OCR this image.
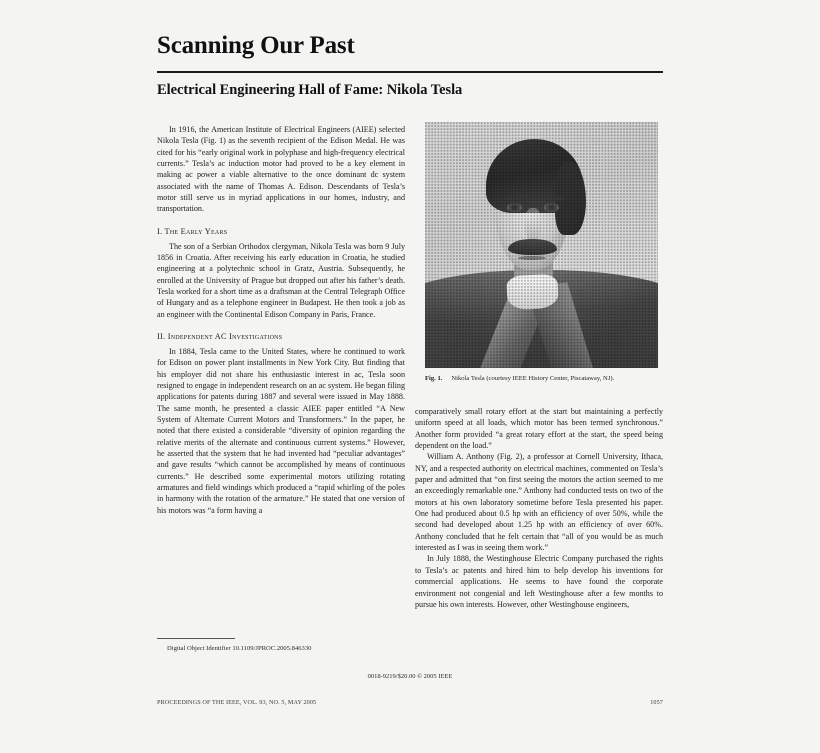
Scanning Our Past
Electrical Engineering Hall of Fame: Nikola Tesla

In 1916, the American Institute of Electrical Engineers (AIEE) selected Nikola Tesla (Fig. 1) as the seventh recipient of the Edison Medal. He was cited for his “early original work in polyphase and high-frequency electrical currents.” Tesla’s ac induction motor had proved to be a key element in making ac power a viable alternative to the once dominant dc system associated with the name of Thomas A. Edison. Descendants of Tesla’s motor still serve us in myriad applications in our homes, industry, and transportation.

I. The Early Years

The son of a Serbian Orthodox clergyman, Nikola Tesla was born 9 July 1856 in Croatia. After receiving his early education in Croatia, he studied engineering at a polytechnic school in Gratz, Austria. Subsequently, he enrolled at the University of Prague but dropped out after his father’s death. Tesla worked for a short time as a draftsman at the Central Telegraph Office of Hungary and as a telephone engineer in Budapest. He then took a job as an engineer with the Continental Edison Company in Paris, France.

II. Independent AC Investigations

In 1884, Tesla came to the United States, where he continued to work for Edison on power plant installments in New York City. But finding that his employer did not share his enthusiastic interest in ac, Tesla soon resigned to engage in independent research on an ac system. He began filing applications for patents during 1887 and several were issued in May 1888. The same month, he presented a classic AIEE paper entitled “A New System of Alternate Current Motors and Transformers.” In the paper, he noted that there existed a considerable “diversity of opinion regarding the relative merits of the alternate and continuous current systems.” However, he asserted that the system that he had invented had “peculiar advantages” and gave results “which cannot be accomplished by means of continuous currents.” He described some experimental motors utilizing rotating armatures and field windings which produced a “rapid whirling of the poles in harmony with the rotation of the armature.” He stated that one version of his motors was “a form having a

Fig. 1. Nikola Tesla (courtesy IEEE History Center, Piscataway, NJ).

comparatively small rotary effort at the start but maintaining a perfectly uniform speed at all loads, which motor has been termed synchronous.” Another form provided “a great rotary effort at the start, the speed being dependent on the load.”

William A. Anthony (Fig. 2), a professor at Cornell University, Ithaca, NY, and a respected authority on electrical machines, commented on Tesla’s paper and admitted that “on first seeing the motors the action seemed to me an exceedingly remarkable one.” Anthony had conducted tests on two of the motors at his own laboratory sometime before Tesla presented his paper. One had produced about 0.5 hp with an efficiency of over 50%, while the second had developed about 1.25 hp with an efficiency of over 60%. Anthony concluded that he felt certain that “all of you would be as much interested as I was in seeing them work.”

In July 1888, the Westinghouse Electric Company purchased the rights to Tesla’s ac patents and hired him to help develop his inventions for commercial applications. He seems to have found the corporate environment not congenial and left Westinghouse after a few months to pursue his own interests. However, other Westinghouse engineers,

Digital Object Identifier 10.1109/JPROC.2005.846330
0018-9219/$20.00 © 2005 IEEE
PROCEEDINGS OF THE IEEE, VOL. 93, NO. 5, MAY 2005	1057
